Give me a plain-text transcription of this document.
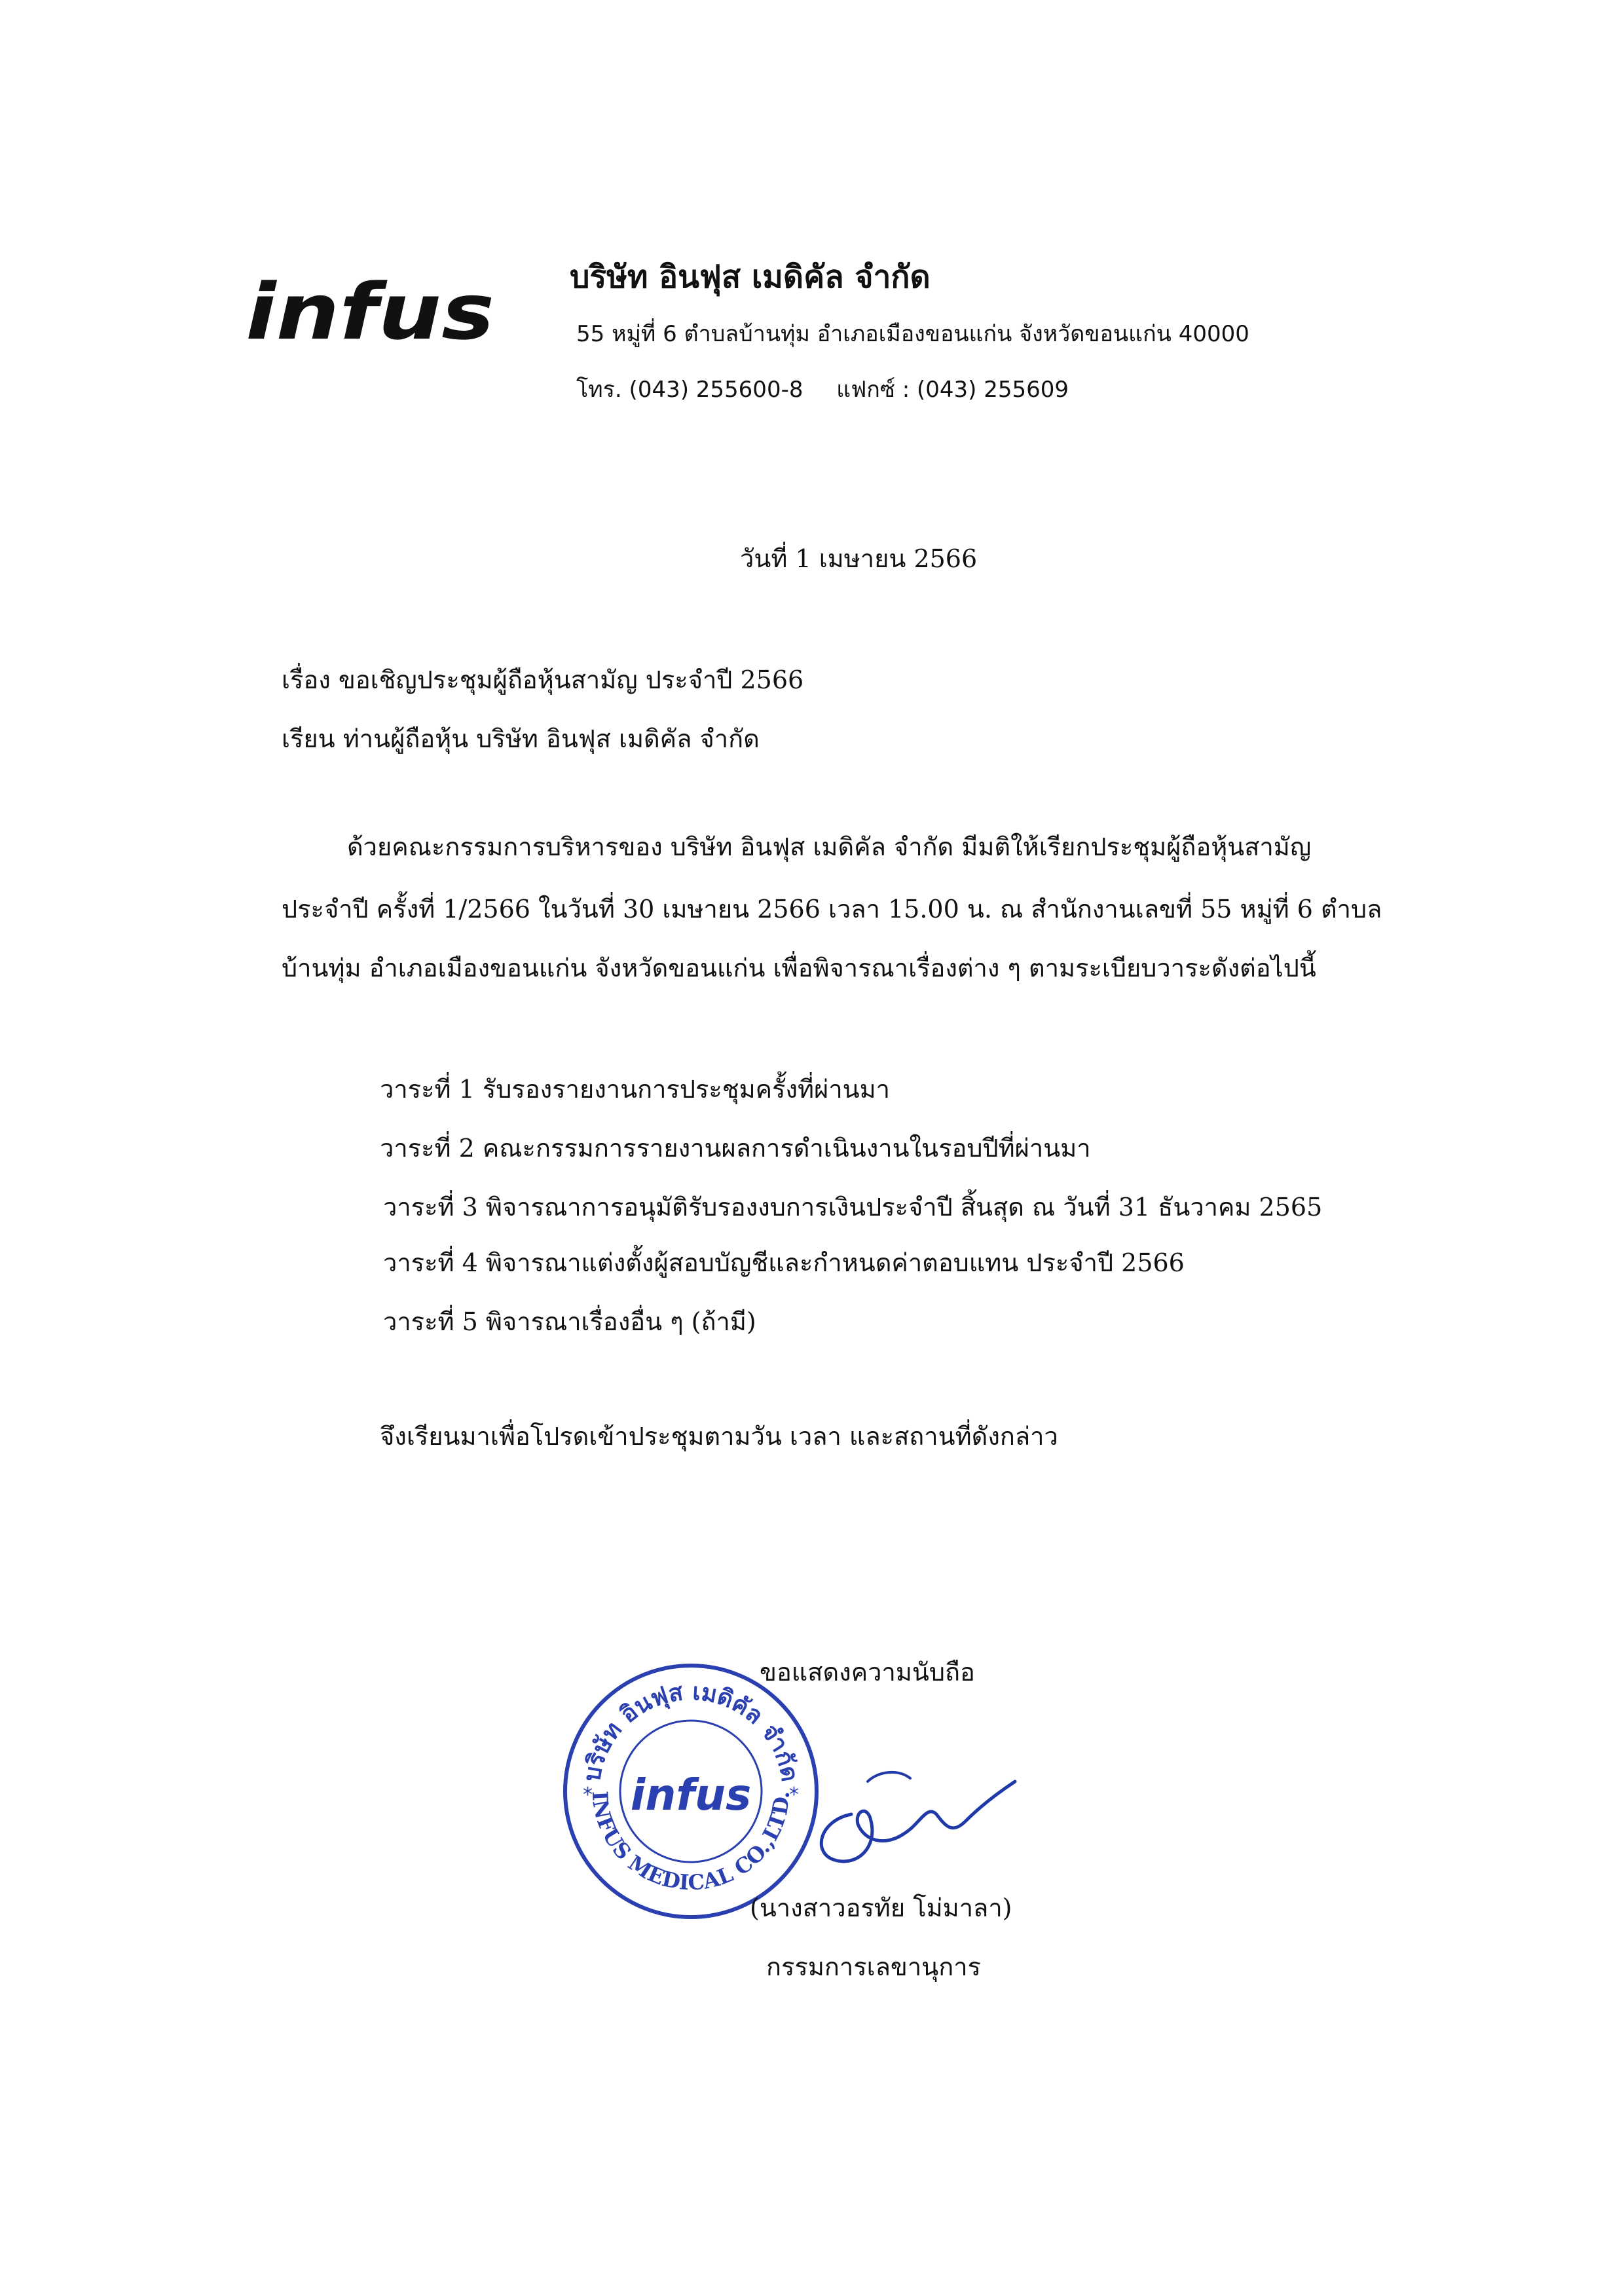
infus บริษัท อินฟุส เมดิคัล จำกัด
55 หมู่ที่ 6 ตำบลบ้านทุ่ม อำเภอเมืองขอนแก่น จังหวัดขอนแก่น 40000
โทร. (043) 255600-8 แฟกซ์ : (043) 255609
วันที่ 1 เมษายน 2566
เรื่อง ขอเชิญประชุมผู้ถือหุ้นสามัญ ประจำปี 2566
เรียน ท่านผู้ถือหุ้น บริษัท อินฟุส เมดิคัล จำกัด
ด้วยคณะกรรมการบริหารของ บริษัท อินฟุส เมดิคัล จำกัด มีมติให้เรียกประชุมผู้ถือหุ้นสามัญ
ประจำปี ครั้งที่ 1/2566 ในวันที่ 30 เมษายน 2566 เวลา 15.00 น. ณ สำนักงานเลขที่ 55 หมู่ที่ 6 ตำบล
บ้านทุ่ม อำเภอเมืองขอนแก่น จังหวัดขอนแก่น เพื่อพิจารณาเรื่องต่าง ๆ ตามระเบียบวาระดังต่อไปนี้
วาระที่ 1 รับรองรายงานการประชุมครั้งที่ผ่านมา
วาระที่ 2 คณะกรรมการรายงานผลการดำเนินงานในรอบปีที่ผ่านมา
วาระที่ 3 พิจารณาการอนุมัติรับรองงบการเงินประจำปี สิ้นสุด ณ วันที่ 31 ธันวาคม 2565
วาระที่ 4 พิจารณาแต่งตั้งผู้สอบบัญชีและกำหนดค่าตอบแทน ประจำปี 2566
วาระที่ 5 พิจารณาเรื่องอื่น ๆ (ถ้ามี)
จึงเรียนมาเพื่อโปรดเข้าประชุมตามวัน เวลา และสถานที่ดังกล่าว
ขอแสดงความนับถือ
บริษัท อินฟุส เมดิคัล จำกัด
INFUS MEDICAL CO.,LTD.
*	*
infus
(นางสาวอรทัย โม่มาลา)
กรรมการเลขานุการ
